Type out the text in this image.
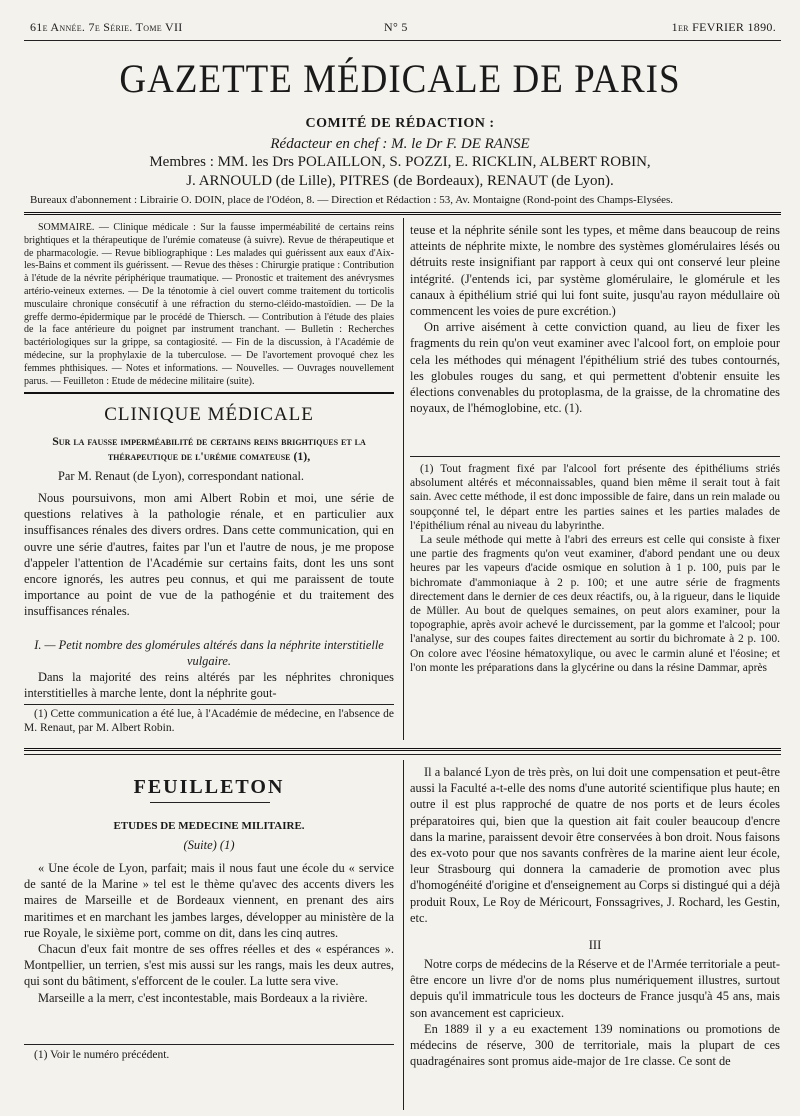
61e Année. 7e Série. Tome VII	N° 5	1er FEVRIER 1890.
GAZETTE MÉDICALE DE PARIS
COMITÉ DE RÉDACTION :
Rédacteur en chef : M. le Dr F. DE RANSE
Membres : MM. les Drs POLAILLON, S. POZZI, E. RICKLIN, ALBERT ROBIN,
J. ARNOULD (de Lille), PITRES (de Bordeaux), RENAUT (de Lyon).
Bureaux d'abonnement : Librairie O. DOIN, place de l'Odéon, 8. — Direction et Rédaction : 53, Av. Montaigne (Rond-point des Champs-Elysées.

SOMMAIRE. — Clinique médicale : Sur la fausse imperméabilité de certains reins brightiques et la thérapeutique de l'urémie comateuse (à suivre). Revue de thérapeutique et de pharmacologie. — Revue bibliographique : Les malades qui guérissent aux eaux d'Aix-les-Bains et comment ils guérissent. — Revue des thèses : Chirurgie pratique : Contribution à l'étude de la névrite périphérique traumatique. — Pronostic et traitement des anévrysmes artério-veineux externes. — De la ténotomie à ciel ouvert comme traitement du torticolis musculaire chronique consécutif à une réfraction du sterno-cléido-mastoïdien. — De la greffe dermo-épidermique par le procédé de Thiersch. — Contribution à l'étude des plaies de la face antérieure du poignet par instrument tranchant. — Bulletin : Recherches bactériologiques sur la grippe, sa contagiosité. — Fin de la discussion, à l'Académie de médecine, sur la prophylaxie de la tuberculose. — De l'avortement provoqué chez les femmes phthisiques. — Notes et informations. — Nouvelles. — Ouvrages nouvellement parus. — Feuilleton : Etude de médecine militaire (suite).

CLINIQUE MÉDICALE
Sur la fausse imperméabilité de certains reins brightiques et la thérapeutique de l'urémie comateuse (1),
Par M. Renaut (de Lyon), correspondant national.

Nous poursuivons, mon ami Albert Robin et moi, une série de questions relatives à la pathologie rénale, et en particulier aux insuffisances rénales des divers ordres. Dans cette communication, qui en ouvre une série d'autres, faites par l'un et l'autre de nous, je me propose d'appeler l'attention de l'Académie sur certains faits, dont les uns sont encore ignorés, les autres peu connus, et qui me paraissent de toute importance au point de vue de la pathogénie et du traitement des insuffisances rénales.

I. — Petit nombre des glomérules altérés dans la néphrite interstitielle vulgaire.

Dans la majorité des reins altérés par les néphrites chroniques interstitielles à marche lente, dont la néphrite gout-

(1) Cette communication a été lue, à l'Académie de médecine, en l'absence de M. Renaut, par M. Albert Robin.

teuse et la néphrite sénile sont les types, et même dans beaucoup de reins atteints de néphrite mixte, le nombre des systèmes glomérulaires lésés ou détruits reste insignifiant par rapport à ceux qui ont conservé leur pleine intégrité. (J'entends ici, par système glomérulaire, le glomérule et les canaux à épithélium strié qui lui font suite, jusqu'au rayon médullaire où commencent les voies de pure excrétion.)

On arrive aisément à cette conviction quand, au lieu de fixer les fragments du rein qu'on veut examiner avec l'alcool fort, on emploie pour cela les méthodes qui ménagent l'épithélium strié des tubes contournés, les globules rouges du sang, et qui permettent d'obtenir ensuite les élections convenables du protoplasma, de la graisse, de la chromatine des noyaux, de l'hémoglobine, etc. (1).

(1) Tout fragment fixé par l'alcool fort présente des épithéliums striés absolument altérés et méconnaissables, quand bien même il serait tout à fait sain. Avec cette méthode, il est donc impossible de faire, dans un rein malade ou soupçonné tel, le départ entre les parties saines et les parties malades de l'épithélium rénal au niveau du labyrinthe.

La seule méthode qui mette à l'abri des erreurs est celle qui consiste à fixer une partie des fragments qu'on veut examiner, d'abord pendant une ou deux heures par les vapeurs d'acide osmique en solution à 1 p. 100, puis par le bichromate d'ammoniaque à 2 p. 100; et une autre série de fragments directement dans le dernier de ces deux réactifs, ou, à la rigueur, dans le liquide de Müller. Au bout de quelques semaines, on peut alors examiner, pour la topographie, après avoir achevé le durcissement, par la gomme et l'alcool; pour l'analyse, sur des coupes faites directement au sortir du bichromate à 2 p. 100. On colore avec l'éosine hématoxylique, ou avec le carmin aluné et l'éosine; et l'on monte les préparations dans la glycérine ou dans la résine Dammar, après

FEUILLETON
ETUDES DE MEDECINE MILITAIRE.
(Suite) (1)

« Une école de Lyon, parfait; mais il nous faut une école du « service de santé de la Marine » tel est le thème qu'avec des accents divers les maires de Marseille et de Bordeaux viennent, en prenant des airs maritimes et en marchant les jambes larges, développer au ministère de la rue Royale, le sixième port, comme on dit, dans les cinq autres.

Chacun d'eux fait montre de ses offres réelles et des « espérances ». Montpellier, un terrien, s'est mis aussi sur les rangs, mais les deux autres, qui sont du bâtiment, s'efforcent de le couler. La lutte sera vive.

Marseille a la merr, c'est incontestable, mais Bordeaux a la rivière.

(1) Voir le numéro précédent.

Il a balancé Lyon de très près, on lui doit une compensation et peut-être aussi la Faculté a-t-elle des noms d'une autorité scientifique plus haute; en outre il est plus rapproché de quatre de nos ports et de leurs écoles préparatoires qui, bien que la question ait fait couler beaucoup d'encre dans la marine, paraissent devoir être conservées à bon droit. Nous faisons des ex-voto pour que nos savants confrères de la marine aient leur école, leur Strasbourg qui donnera la camaderie de promotion avec plus d'homogénéité d'origine et d'enseignement au Corps si distingué qui a déjà produit Roux, Le Roy de Méricourt, Fonssagrives, J. Rochard, les Gestin, etc.

III

Notre corps de médecins de la Réserve et de l'Armée territoriale a peut-être encore un livre d'or de noms plus numériquement illustres, surtout depuis qu'il immatricule tous les docteurs de France jusqu'à 45 ans, mais son avancement est capricieux.

En 1889 il y a eu exactement 139 nominations ou promotions de médecins de réserve, 300 de territoriale, mais la plupart de ces quadragénaires sont promus aide-major de 1re classe. Ce sont de
